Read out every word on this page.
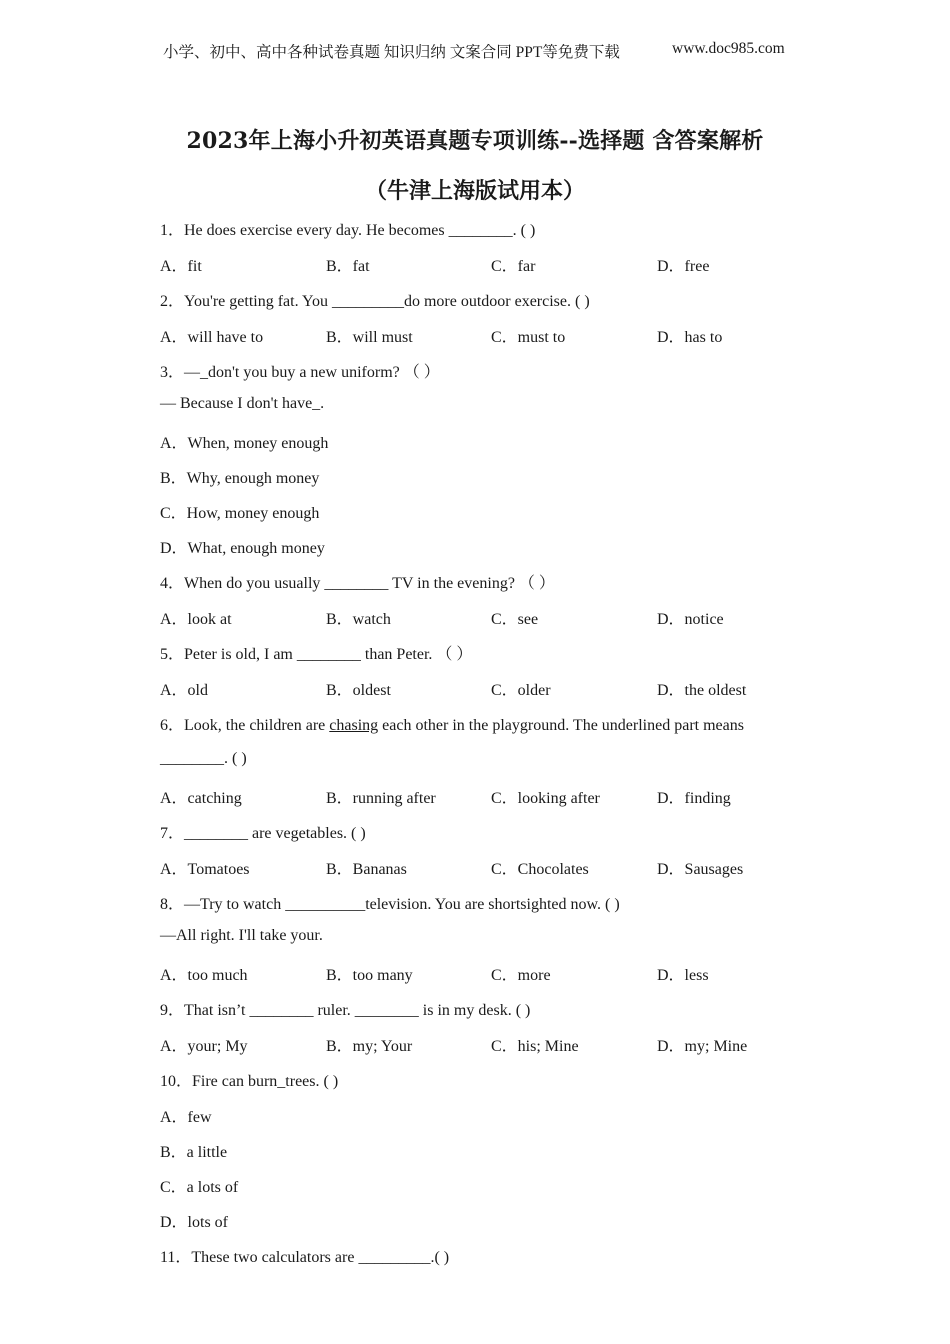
小学、初中、高中各种试卷真题 知识归纳 文案合同 PPT等免费下载	www.doc985.com
2023年上海小升初英语真题专项训练--选择题 含答案解析
（牛津上海版试用本）
1．He does exercise every day. He becomes ________. ( )
A．fit	B．fat	C．far	D．free
2．You're getting fat. You _________do more outdoor exercise. ( )
A．will have to	B．will must	C．must to	D．has to
3．—_don't you buy a new uniform? （ ）
— Because I don't have_.
A．When, money enough
B．Why, enough money
C．How, money enough
D．What, enough money
4．When do you usually ________ TV in the evening? （ ）
A．look at	B．watch	C．see	D．notice
5．Peter is old, I am ________ than Peter. （ ）
A．old	B．oldest	C．older	D．the oldest
6．Look, the children are chasing each other in the playground. The underlined part means
________. ( )
A．catching	B．running after	C．looking after	D．finding
7．________ are vegetables. ( )
A．Tomatoes	B．Bananas	C．Chocolates	D．Sausages
8．—Try to watch __________television. You are shortsighted now. ( )
—All right. I'll take your.
A．too much	B．too many	C．more	D．less
9．That isn’t ________ ruler. ________ is in my desk. ( )
A．your; My	B．my; Your	C．his; Mine	D．my; Mine
10．Fire can burn_trees. ( )
A．few
B．a little
C．a lots of
D．lots of
11．These two calculators are _________.( )
